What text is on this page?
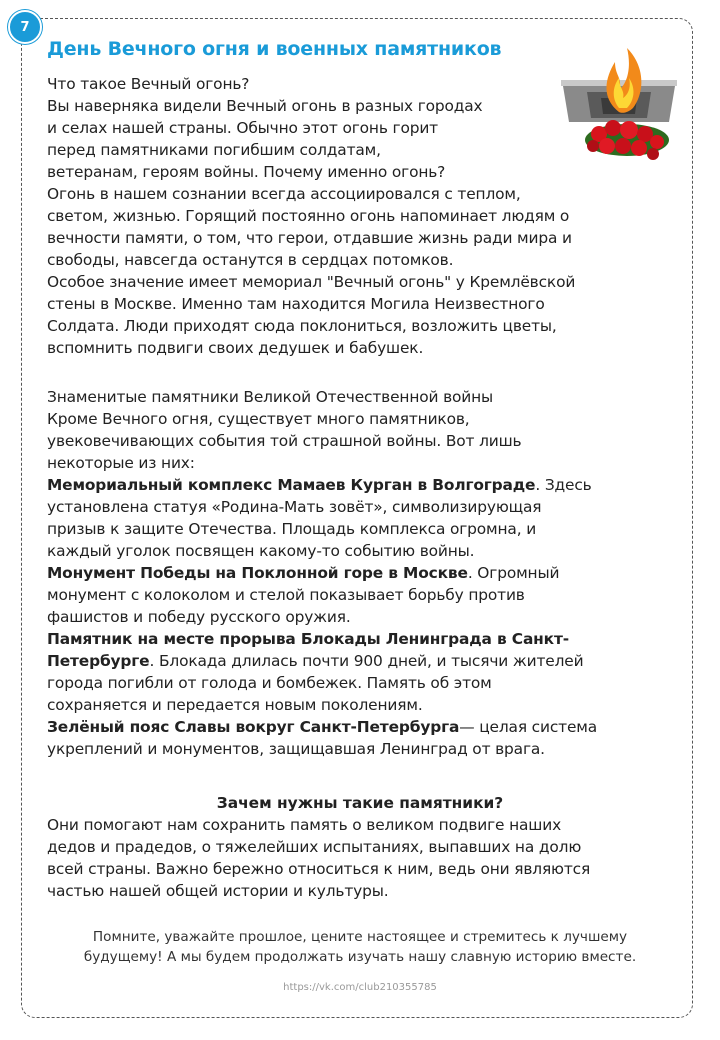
7
День Вечного огня и военных памятников
Что такое Вечный огонь?
Вы наверняка видели Вечный огонь в разных городах
и селах нашей страны. Обычно этот огонь горит
перед памятниками погибшим солдатам,
ветеранам, героям войны. Почему именно огонь?
Огонь в нашем сознании всегда ассоциировался с теплом,
светом, жизнью. Горящий постоянно огонь напоминает людям о
вечности памяти, о том, что герои, отдавшие жизнь ради мира и
свободы, навсегда останутся в сердцах потомков.
Особое значение имеет мемориал "Вечный огонь" у Кремлёвской
стены в Москве. Именно там находится Могила Неизвестного
Солдата. Люди приходят сюда поклониться, возложить цветы,
вспомнить подвиги своих дедушек и бабушек.
Знаменитые памятники Великой Отечественной войны
Кроме Вечного огня, существует много памятников,
увековечивающих события той страшной войны. Вот лишь
некоторые из них:
Мемориальный комплекс Мамаев Курган в Волгограде. Здесь
установлена статуя «Родина-Мать зовёт», символизирующая
призыв к защите Отечества. Площадь комплекса огромна, и
каждый уголок посвящен какому-то событию войны.
Монумент Победы на Поклонной горе в Москве. Огромный
монумент с колоколом и стелой показывает борьбу против
фашистов и победу русского оружия.
Памятник на месте прорыва Блокады Ленинграда в Санкт-
Петербурге. Блокада длилась почти 900 дней, и тысячи жителей
города погибли от голода и бомбежек. Память об этом
сохраняется и передается новым поколениям.
Зелёный пояс Славы вокруг Санкт-Петербурга— целая система
укреплений и монументов, защищавшая Ленинград от врага.
Зачем нужны такие памятники?
Они помогают нам сохранить память о великом подвиге наших
дедов и прадедов, о тяжелейших испытаниях, выпавших на долю
всей страны. Важно бережно относиться к ним, ведь они являются
частью нашей общей истории и культуры.
Помните, уважайте прошлое, цените настоящее и стремитесь к лучшему
будущему! А мы будем продолжать изучать нашу славную историю вместе.
https://vk.com/club210355785
